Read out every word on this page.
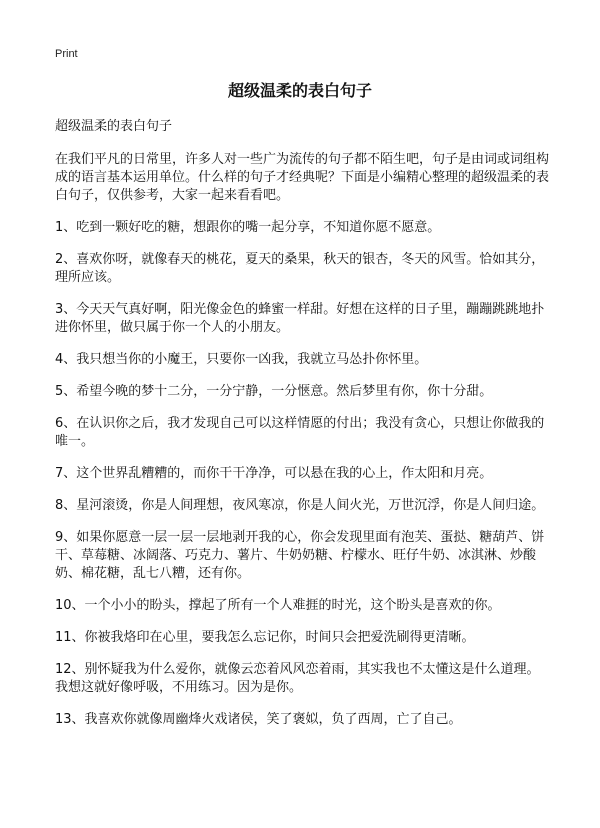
Print
超级温柔的表白句子
超级温柔的表白句子

在我们平凡的日常里，许多人对一些广为流传的句子都不陌生吧，句子是由词或词组构成的语言基本运用单位。什么样的句子才经典呢？下面是小编精心整理的超级温柔的表白句子，仅供参考，大家一起来看看吧。

1、吃到一颗好吃的糖，想跟你的嘴一起分享，不知道你愿不愿意。

2、喜欢你呀，就像春天的桃花，夏天的桑果，秋天的银杏，冬天的风雪。恰如其分，理所应该。

3、今天天气真好啊，阳光像金色的蜂蜜一样甜。好想在这样的日子里，蹦蹦跳跳地扑进你怀里，做只属于你一个人的小朋友。

4、我只想当你的小魔王，只要你一凶我，我就立马怂扑你怀里。

5、希望今晚的梦十二分，一分宁静，一分惬意。然后梦里有你，你十分甜。

6、在认识你之后，我才发现自己可以这样情愿的付出；我没有贪心，只想让你做我的唯一。

7、这个世界乱糟糟的，而你干干净净，可以悬在我的心上，作太阳和月亮。

8、星河滚烫，你是人间理想，夜风寒凉，你是人间火光，万世沉浮，你是人间归途。

9、如果你愿意一层一层一层地剥开我的心，你会发现里面有泡芙、蛋挞、糖葫芦、饼干、草莓糖、冰阔落、巧克力、薯片、牛奶奶糖、柠檬水、旺仔牛奶、冰淇淋、炒酸奶、棉花糖，乱七八糟，还有你。

10、一个小小的盼头，撑起了所有一个人难捱的时光，这个盼头是喜欢的你。

11、你被我烙印在心里，要我怎么忘记你，时间只会把爱洗刷得更清晰。

12、别怀疑我为什么爱你，就像云恋着风风恋着雨，其实我也不太懂这是什么道理。我想这就好像呼吸，不用练习。因为是你。

13、我喜欢你就像周幽烽火戏诸侯，笑了褒姒，负了西周，亡了自己。
